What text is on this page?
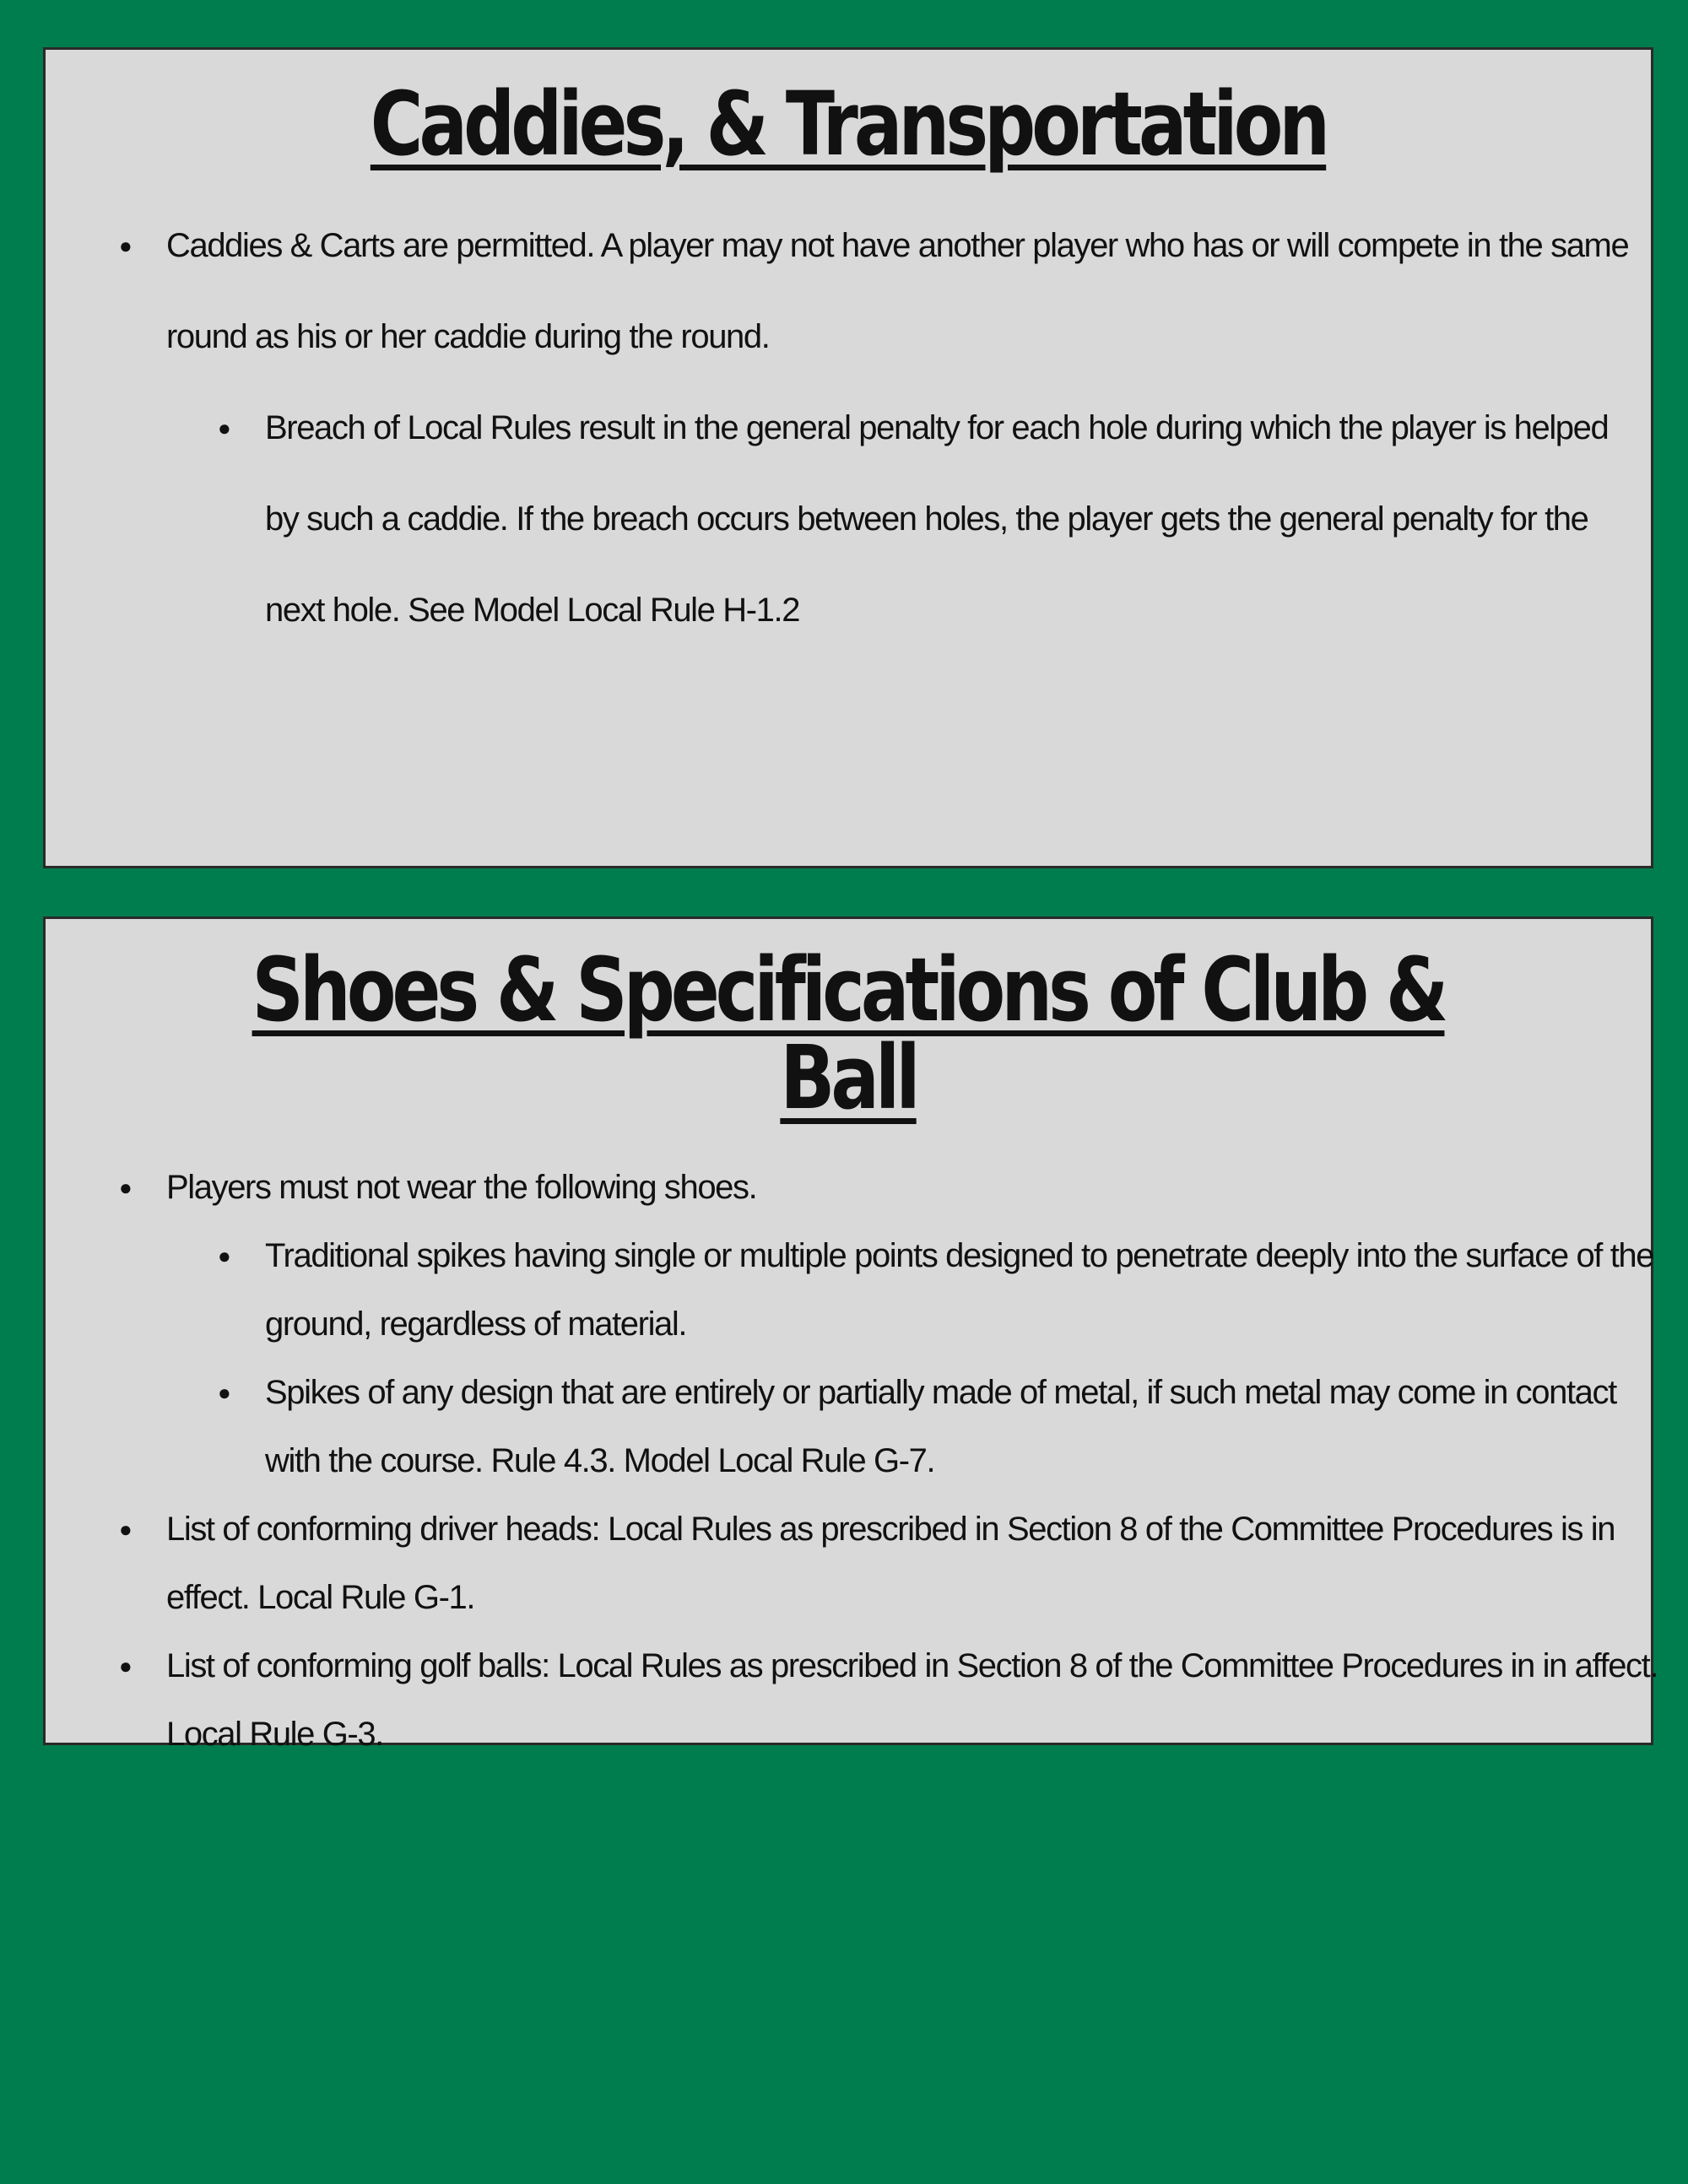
Caddies, & Transportation
● Caddies & Carts are permitted. A player may not have another player who has or will compete in the same round as his or her caddie during the round.
● Breach of Local Rules result in the general penalty for each hole during which the player is helped by such a caddie. If the breach occurs between holes, the player gets the general penalty for the next hole. See Model Local Rule H-1.2
Shoes & Specifications of Club & Ball
● Players must not wear the following shoes.
● Traditional spikes having single or multiple points designed to penetrate deeply into the surface of the ground, regardless of material.
● Spikes of any design that are entirely or partially made of metal, if such metal may come in contact with the course. Rule 4.3. Model Local Rule G-7.
● List of conforming driver heads: Local Rules as prescribed in Section 8 of the Committee Procedures is in effect. Local Rule G-1.
● List of conforming golf balls: Local Rules as prescribed in Section 8 of the Committee Procedures in in affect. Local Rule G-3.
